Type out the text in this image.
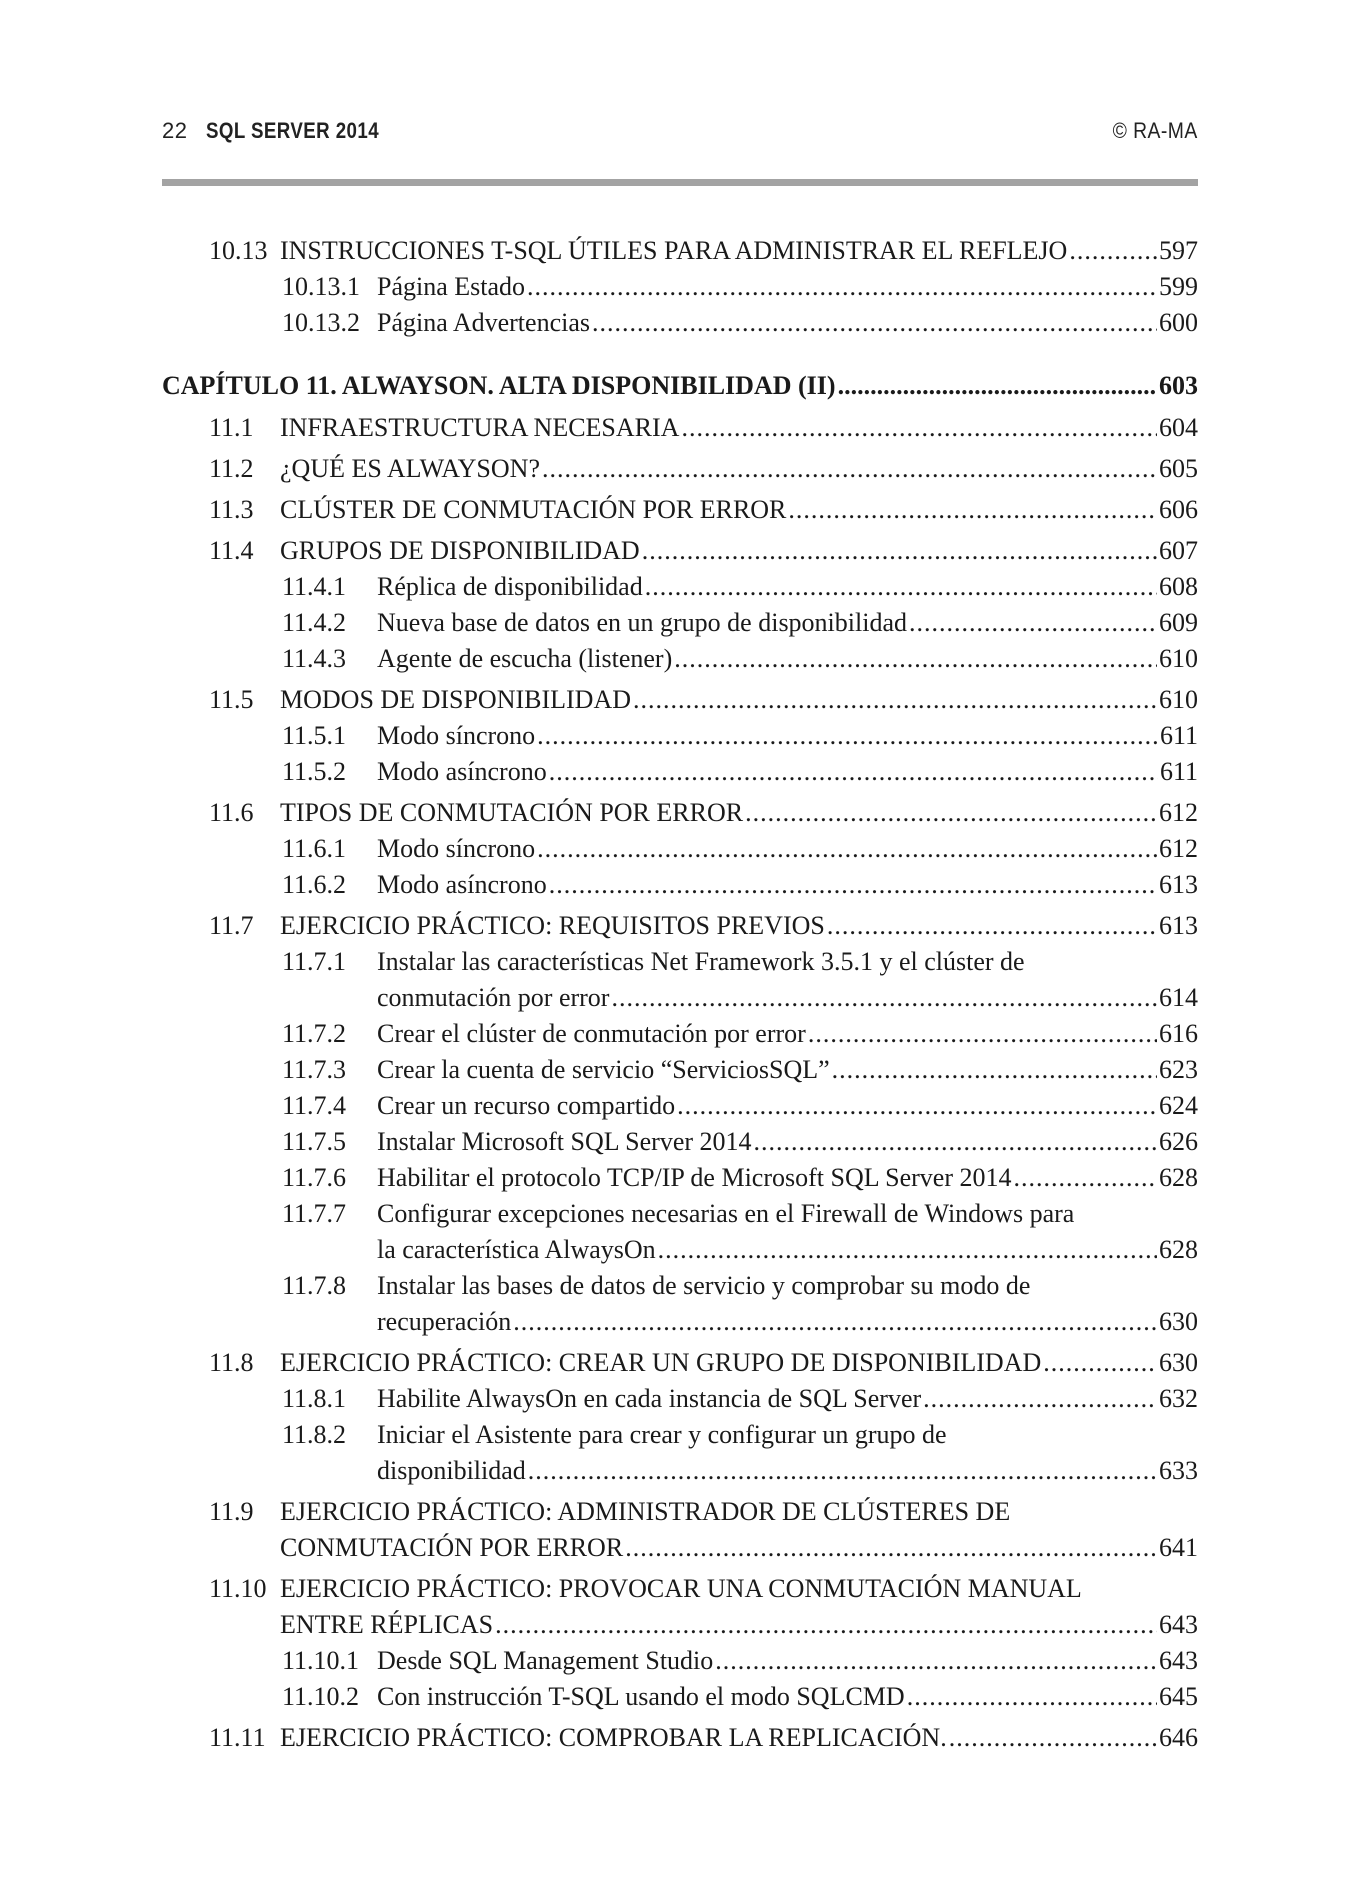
22 SQL SERVER 2014	© RA-MA
10.13 INSTRUCCIONES T-SQL ÚTILES PARA ADMINISTRAR EL REFLEJO .....	597
10.13.1 Página Estado .....	599
10.13.2 Página Advertencias .....	600
CAPÍTULO 11. ALWAYSON. ALTA DISPONIBILIDAD (II) .....	603
11.1 INFRAESTRUCTURA NECESARIA .....	604
11.2 ¿QUÉ ES ALWAYSON? .....	605
11.3 CLÚSTER DE CONMUTACIÓN POR ERROR .....	606
11.4 GRUPOS DE DISPONIBILIDAD .....	607
11.4.1 Réplica de disponibilidad .....	608
11.4.2 Nueva base de datos en un grupo de disponibilidad .....	609
11.4.3 Agente de escucha (listener) .....	610
11.5 MODOS DE DISPONIBILIDAD .....	610
11.5.1 Modo síncrono .....	611
11.5.2 Modo asíncrono .....	611
11.6 TIPOS DE CONMUTACIÓN POR ERROR .....	612
11.6.1 Modo síncrono .....	612
11.6.2 Modo asíncrono .....	613
11.7 EJERCICIO PRÁCTICO: REQUISITOS PREVIOS .....	613
11.7.1 Instalar las características Net Framework 3.5.1 y el clúster de
conmutación por error .....	614
11.7.2 Crear el clúster de conmutación por error .....	616
11.7.3 Crear la cuenta de servicio “ServiciosSQL” .....	623
11.7.4 Crear un recurso compartido .....	624
11.7.5 Instalar Microsoft SQL Server 2014 .....	626
11.7.6 Habilitar el protocolo TCP/IP de Microsoft SQL Server 2014 .....	628
11.7.7 Configurar excepciones necesarias en el Firewall de Windows para
la característica AlwaysOn .....	628
11.7.8 Instalar las bases de datos de servicio y comprobar su modo de
recuperación .....	630
11.8 EJERCICIO PRÁCTICO: CREAR UN GRUPO DE DISPONIBILIDAD .....	630
11.8.1 Habilite AlwaysOn en cada instancia de SQL Server .....	632
11.8.2 Iniciar el Asistente para crear y configurar un grupo de
disponibilidad .....	633
11.9 EJERCICIO PRÁCTICO: ADMINISTRADOR DE CLÚSTERES DE
CONMUTACIÓN POR ERROR .....	641
11.10 EJERCICIO PRÁCTICO: PROVOCAR UNA CONMUTACIÓN MANUAL
ENTRE RÉPLICAS .....	643
11.10.1 Desde SQL Management Studio .....	643
11.10.2 Con instrucción T-SQL usando el modo SQLCMD .....	645
11.11 EJERCICIO PRÁCTICO: COMPROBAR LA REPLICACIÓN. .....	646
